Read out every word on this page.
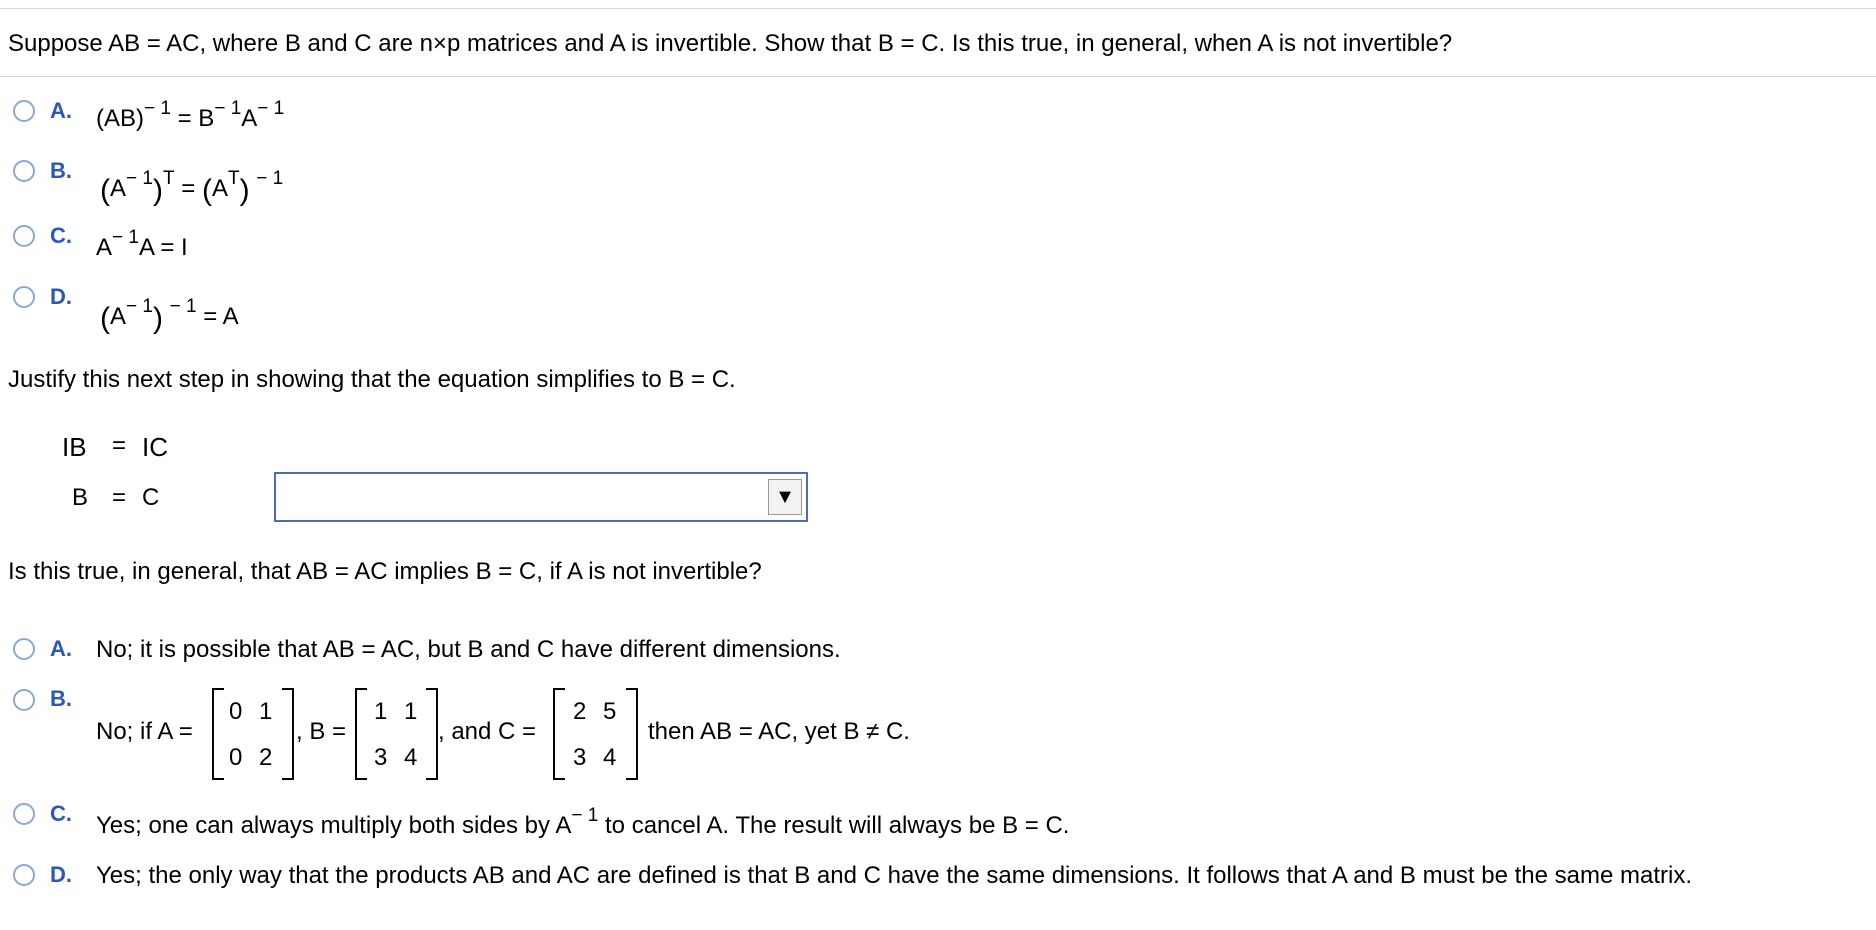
Suppose AB = AC, where B and C are n×p matrices and A is invertible. Show that B = C. Is this true, in general, when A is not invertible?
A. $(AB)^{- 1} = B^{- 1}A^{- 1}$
B.
$(A^{- 1})^T = (A^T)$ $^{- 1}$
C. $A^{- 1}A = I$
D.
$(A^{- 1}) ^{- 1} = A$
Justify this next step in showing that the equation simplifies to B = C.
IB = IC
B = C	▼
Is this true, in general, that AB = AC implies B = C, if A is not invertible?
A. No; it is possible that AB = AC, but B and C have different dimensions.
B.
No; if A =
0 1
0 2
, B =
1 1
3 4
, and C =
2 5
3 4
then AB = AC, yet B ≠ C.
C. Yes; one can always multiply both sides by $A^{- 1}$ to cancel A. The result will always be B = C.
D. Yes; the only way that the products AB and AC are defined is that B and C have the same dimensions. It follows that A and B must be the same matrix.
